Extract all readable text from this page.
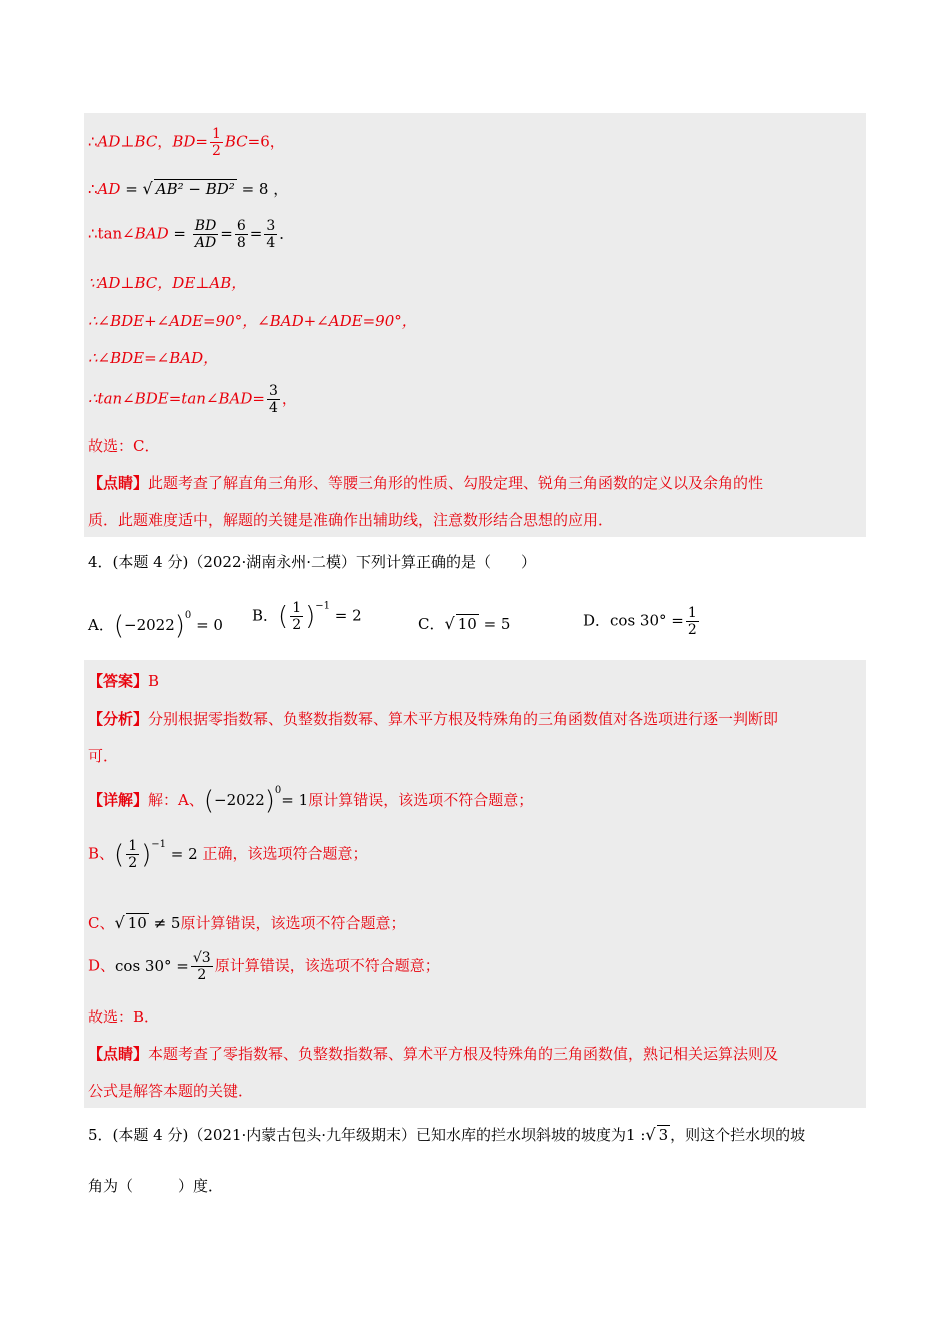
∴AD⊥BC，$BD= \frac{1}{2} BC=6$，
∴AD = √ AB² − BD² = 8 ，
∴tan∠BAD = $\frac{BD}{AD} = \frac{6}{8} = \frac{3}{4}$ ．
∵AD⊥BC，DE⊥AB，
∴∠BDE+∠ADE=90°，∠BAD+∠ADE=90°，
∴∠BDE=∠BAD，
∴tan∠BDE=tan∠BAD= $\frac{3}{4}$ ，
故选：C．
【点睛】此题考查了解直角三角形、等腰三角形的性质、勾股定理、锐角三角函数的定义以及余角的性
质．此题难度适中，解题的关键是准确作出辅助线，注意数形结合思想的应用．
4．(本题 4 分)（2022·湖南永州·二模）下列计算正确的是（　　）
A．$(-2022)^0 = 0$
B．( $\frac{1}{2} )^{-1} = 2$	C．√ 10 = 5	D．$\cos 30^\circ = \frac{1}{2}$
【答案】B
【分析】分别根据零指数幂、负整数指数幂、算术平方根及特殊角的三角函数值对各选项进行逐一判断即
可．
【详解】解：A、$(-2022)^0= 1$原计算错误，该选项不符合题意；
B、( $\frac{1}{2} )^{-1} = 2$ 正确，该选项符合题意；
C、√ 10 ≠ 5原计算错误，该选项不符合题意；
D、$\cos 30^\circ = \frac{√3}{2}$ 原计算错误，该选项不符合题意；
故选：B．
【点睛】本题考查了零指数幂、负整数指数幂、算术平方根及特殊角的三角函数值，熟记相关运算法则及
公式是解答本题的关键．
5．(本题 4 分)（2021·内蒙古包头·九年级期末）已知水库的拦水坝斜坡的坡度为1 :√ 3 ，则这个拦水坝的坡
角为（　　　）度．
